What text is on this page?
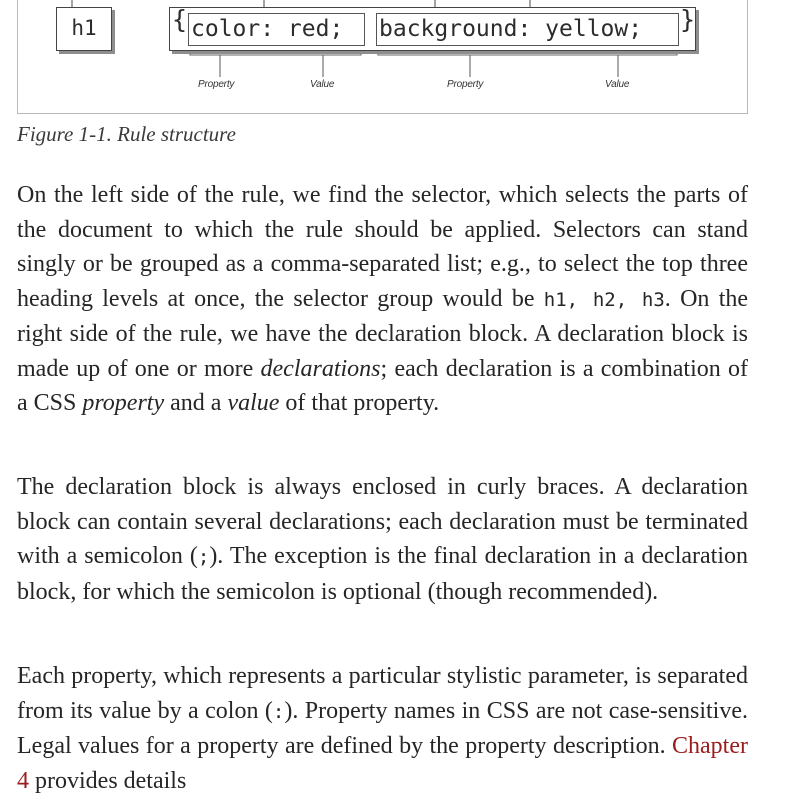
h1	{ color: red;	background: yellow;	}
Property	Value	Property	Value

Figure 1-1. Rule structure

On the left side of the rule, we find the selector, which selects the parts of the document to which the rule should be applied. Selectors can stand singly or be grouped as a comma-separated list; e.g., to select the top three heading levels at once, the selector group would be h1, h2, h3. On the right side of the rule, we have the declaration block. A declaration block is made up of one or more declarations; each declaration is a combination of a CSS property and a value of that property.

The declaration block is always enclosed in curly braces. A declaration block can contain several declarations; each declaration must be terminated with a semicolon (;). The exception is the final declaration in a declaration block, for which the semicolon is optional (though recommended).

Each property, which represents a particular stylistic parameter, is separated from its value by a colon (:). Property names in CSS are not case-sensitive. Legal values for a property are defined by the property description. Chapter 4 provides details
